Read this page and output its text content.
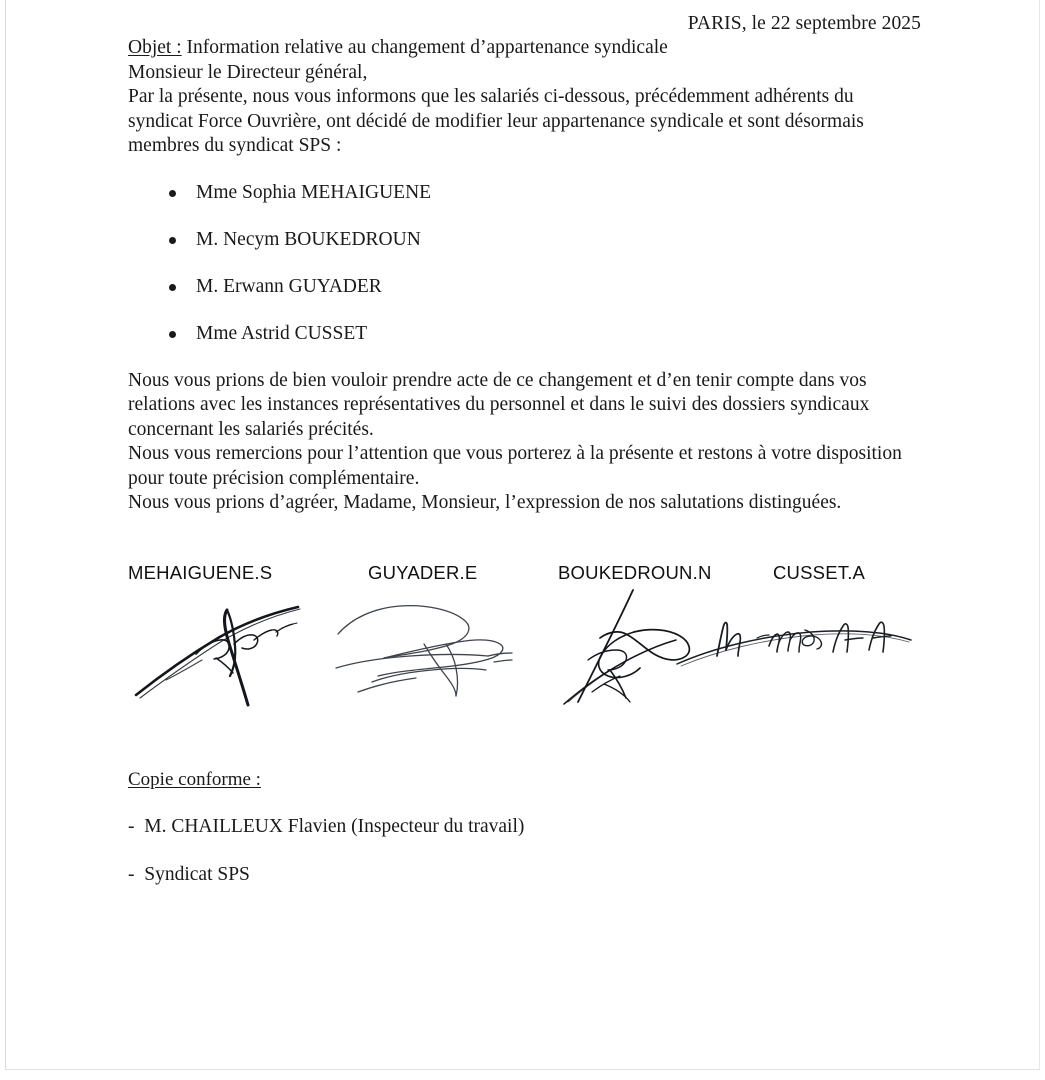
PARIS, le 22 septembre 2025

Objet : Information relative au changement d’appartenance syndicale

Monsieur le Directeur général,

Par la présente, nous vous informons que les salariés ci-dessous, précédemment adhérents du syndicat Force Ouvrière, ont décidé de modifier leur appartenance syndicale et sont désormais membres du syndicat SPS :

Mme Sophia MEHAIGUENE
M. Necym BOUKEDROUN
M. Erwann GUYADER
Mme Astrid CUSSET

Nous vous prions de bien vouloir prendre acte de ce changement et d’en tenir compte dans vos relations avec les instances représentatives du personnel et dans le suivi des dossiers syndicaux concernant les salariés précités.

Nous vous remercions pour l’attention que vous porterez à la présente et restons à votre disposition pour toute précision complémentaire.

Nous vous prions d’agréer, Madame, Monsieur, l’expression de nos salutations distinguées.

MEHAIGUENE.S	GUYADER.E	BOUKEDROUN.N	CUSSET.A
Copie conforme :
-  M. CHAILLEUX Flavien (Inspecteur du travail)
-  Syndicat SPS
